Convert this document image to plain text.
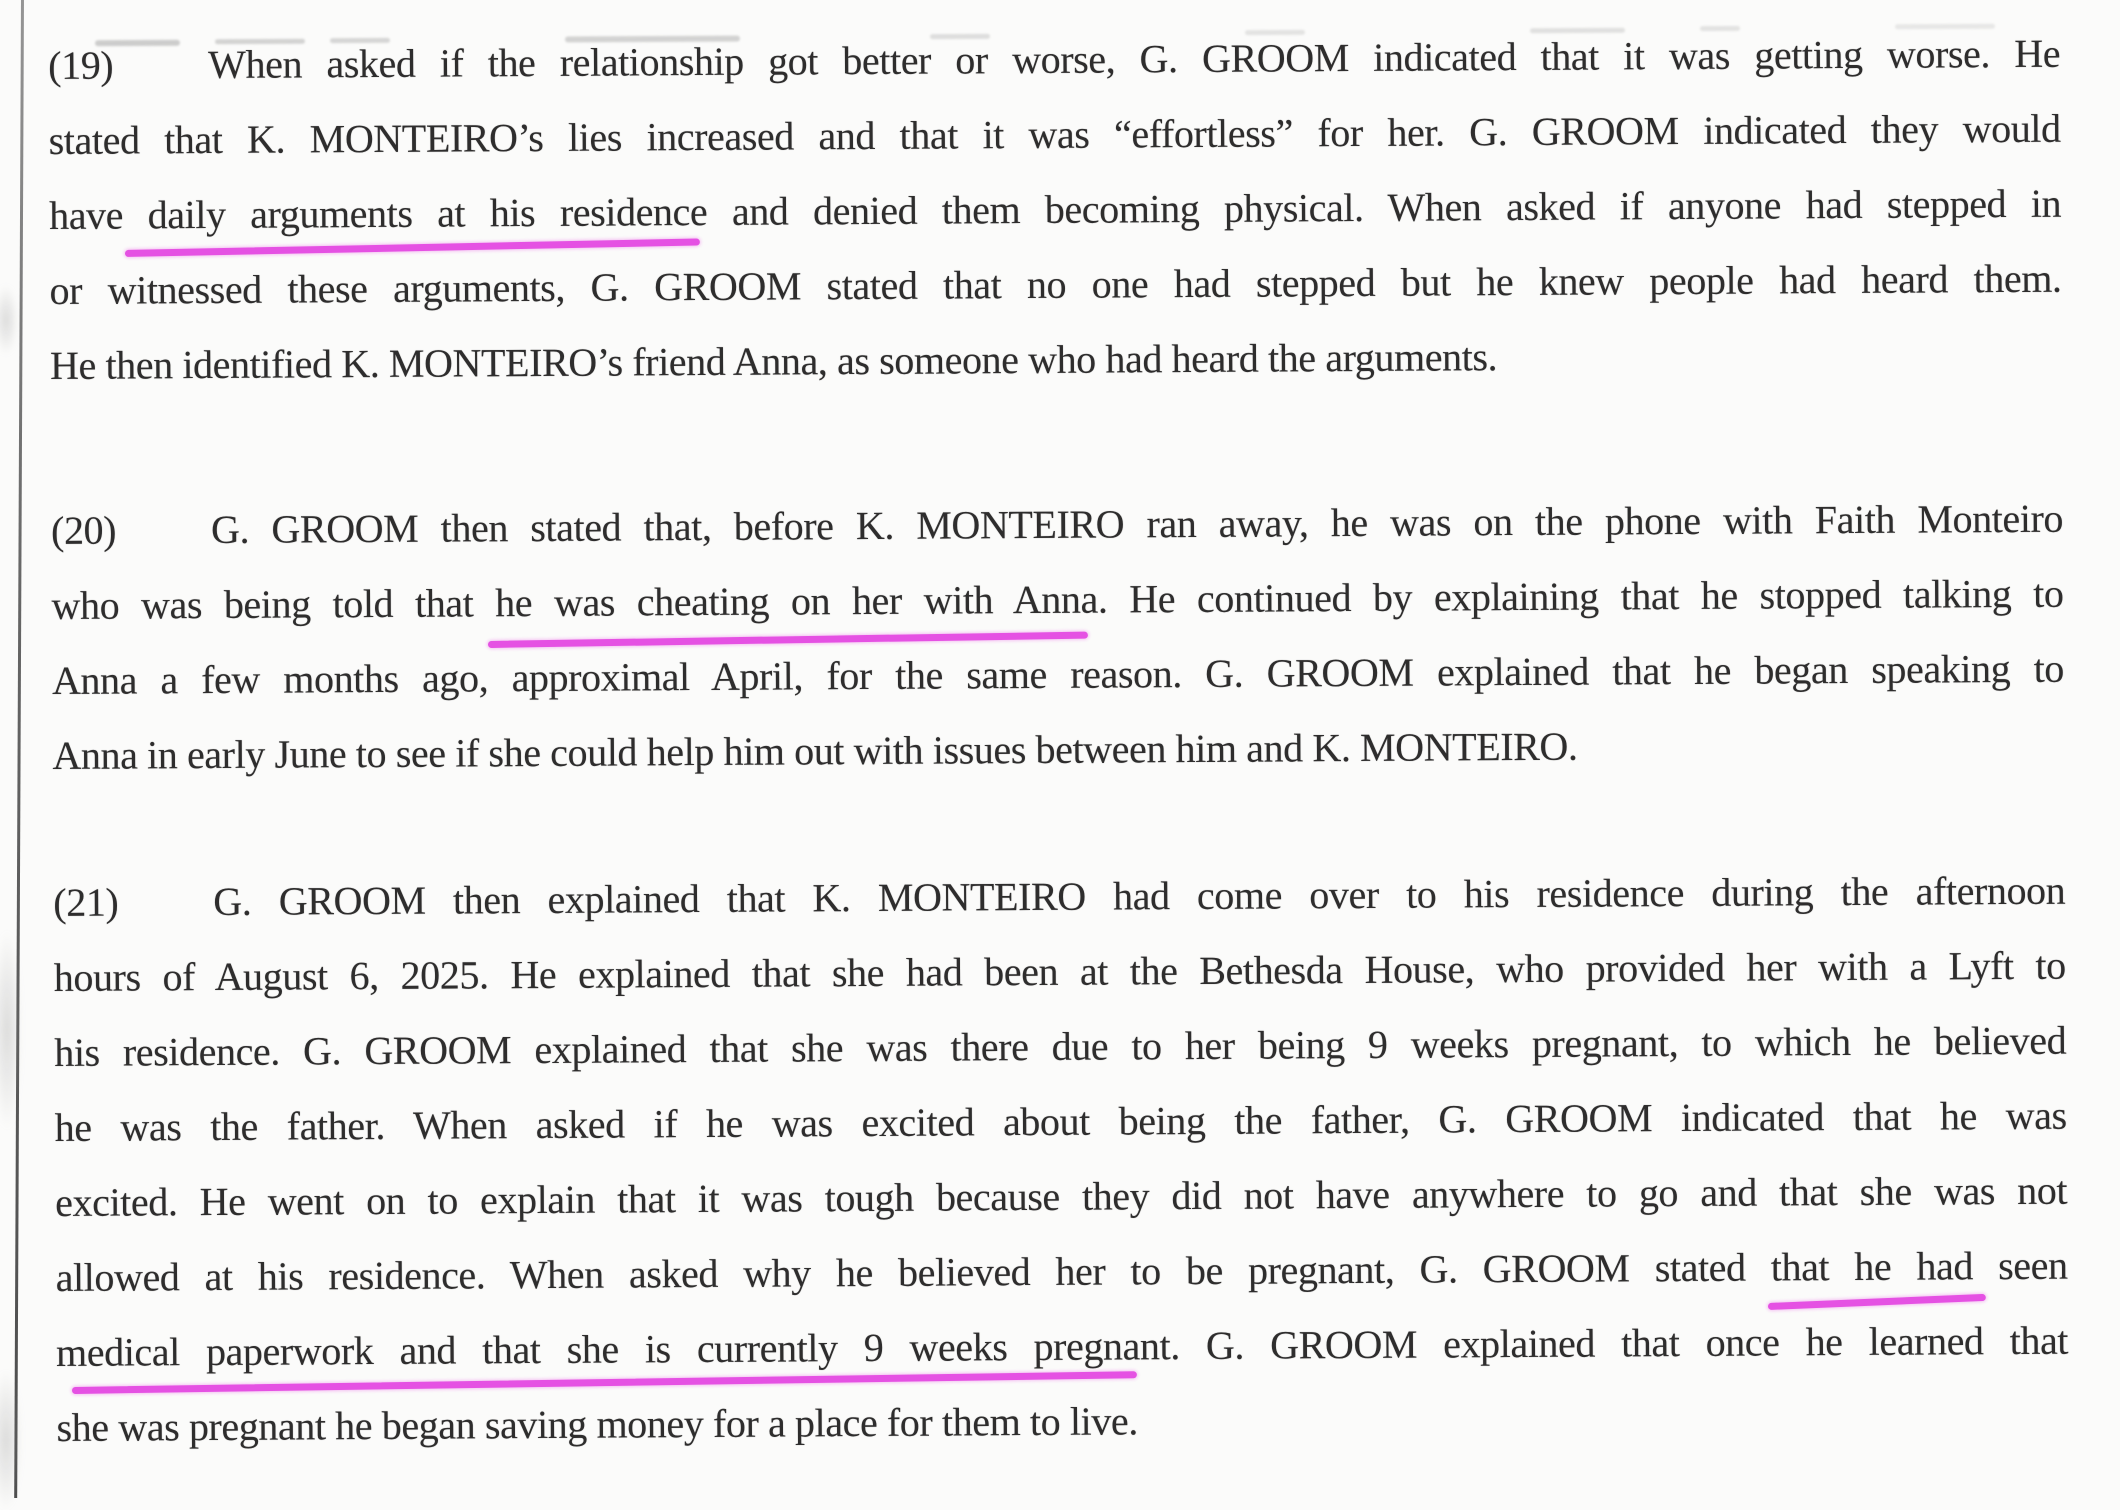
(19) When asked if the relationship got better or worse, G. GROOM indicated that it was getting worse. He
stated that K. MONTEIRO’s lies increased and that it was “effortless” for her. G. GROOM indicated they would
have daily arguments at his residence and denied them becoming physical. When asked if anyone had stepped in
or witnessed these arguments, G. GROOM stated that no one had stepped but he knew people had heard them.
He then identified K. MONTEIRO’s friend Anna, as someone who had heard the arguments.
(20) G. GROOM then stated that, before K. MONTEIRO ran away, he was on the phone with Faith Monteiro
who was being told that he was cheating on her with Anna. He continued by explaining that he stopped talking to
Anna a few months ago, approximal April, for the same reason. G. GROOM explained that he began speaking to
Anna in early June to see if she could help him out with issues between him and K. MONTEIRO.
(21) G. GROOM then explained that K. MONTEIRO had come over to his residence during the afternoon
hours of August 6, 2025. He explained that she had been at the Bethesda House, who provided her with a Lyft to
his residence. G. GROOM explained that she was there due to her being 9 weeks pregnant, to which he believed
he was the father. When asked if he was excited about being the father, G. GROOM indicated that he was
excited. He went on to explain that it was tough because they did not have anywhere to go and that she was not
allowed at his residence. When asked why he believed her to be pregnant, G. GROOM stated that he had seen
medical paperwork and that she is currently 9 weeks pregnant. G. GROOM explained that once he learned that
she was pregnant he began saving money for a place for them to live.
